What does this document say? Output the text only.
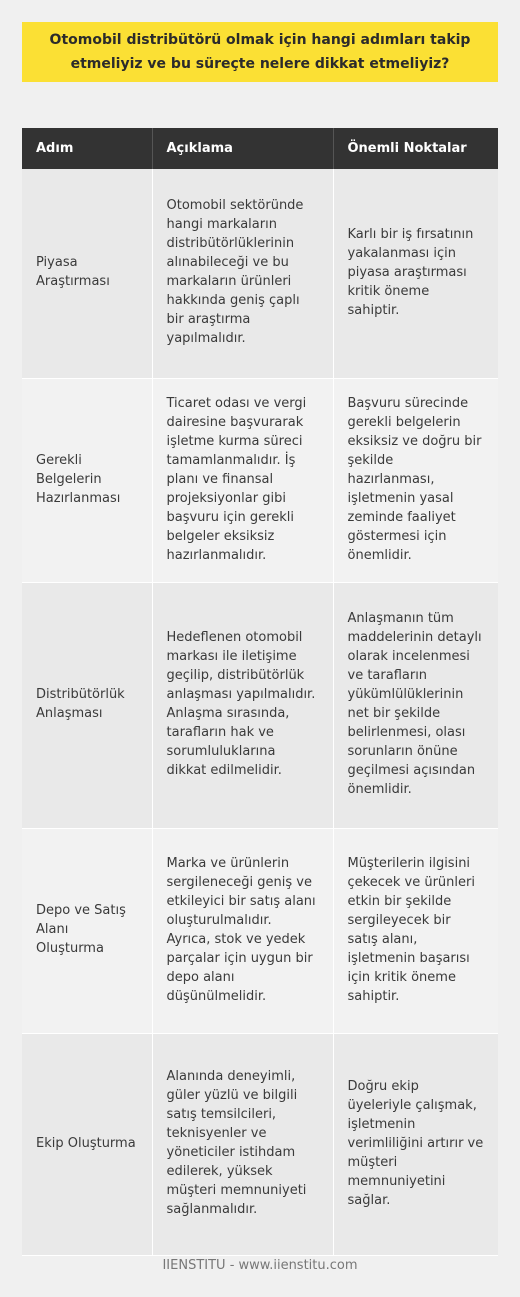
Otomobil distribütörü olmak için hangi adımları takip etmeliyiz ve bu süreçte nelere dikkat etmeliyiz?
Adım	Açıklama	Önemli Noktalar
Piyasa Araştırması	Otomobil sektöründe hangi markaların distribütörlüklerinin alınabileceği ve bu markaların ürünleri hakkında geniş çaplı bir araştırma yapılmalıdır.	Karlı bir iş fırsatının yakalanması için piyasa araştırması kritik öneme sahiptir.
Gerekli Belgelerin Hazırlanması	Ticaret odası ve vergi dairesine başvurarak işletme kurma süreci tamamlanmalıdır. İş planı ve finansal projeksiyonlar gibi başvuru için gerekli belgeler eksiksiz hazırlanmalıdır.	Başvuru sürecinde gerekli belgelerin eksiksiz ve doğru bir şekilde hazırlanması, işletmenin yasal zeminde faaliyet göstermesi için önemlidir.
Distribütörlük Anlaşması	Hedeflenen otomobil markası ile iletişime geçilip, distribütörlük anlaşması yapılmalıdır. Anlaşma sırasında, tarafların hak ve sorumluluklarına dikkat edilmelidir.	Anlaşmanın tüm maddelerinin detaylı olarak incelenmesi ve tarafların yükümlülüklerinin net bir şekilde belirlenmesi, olası sorunların önüne geçilmesi açısından önemlidir.
Depo ve Satış Alanı Oluşturma	Marka ve ürünlerin sergileneceği geniş ve etkileyici bir satış alanı oluşturulmalıdır. Ayrıca, stok ve yedek parçalar için uygun bir depo alanı düşünülmelidir.	Müşterilerin ilgisini çekecek ve ürünleri etkin bir şekilde sergileyecek bir satış alanı, işletmenin başarısı için kritik öneme sahiptir.
Ekip Oluşturma	Alanında deneyimli, güler yüzlü ve bilgili satış temsilcileri, teknisyenler ve yöneticiler istihdam edilerek, yüksek müşteri memnuniyeti sağlanmalıdır.	Doğru ekip üyeleriyle çalışmak, işletmenin verimliliğini artırır ve müşteri memnuniyetini sağlar.
IIENSTITU - www.iienstitu.com
